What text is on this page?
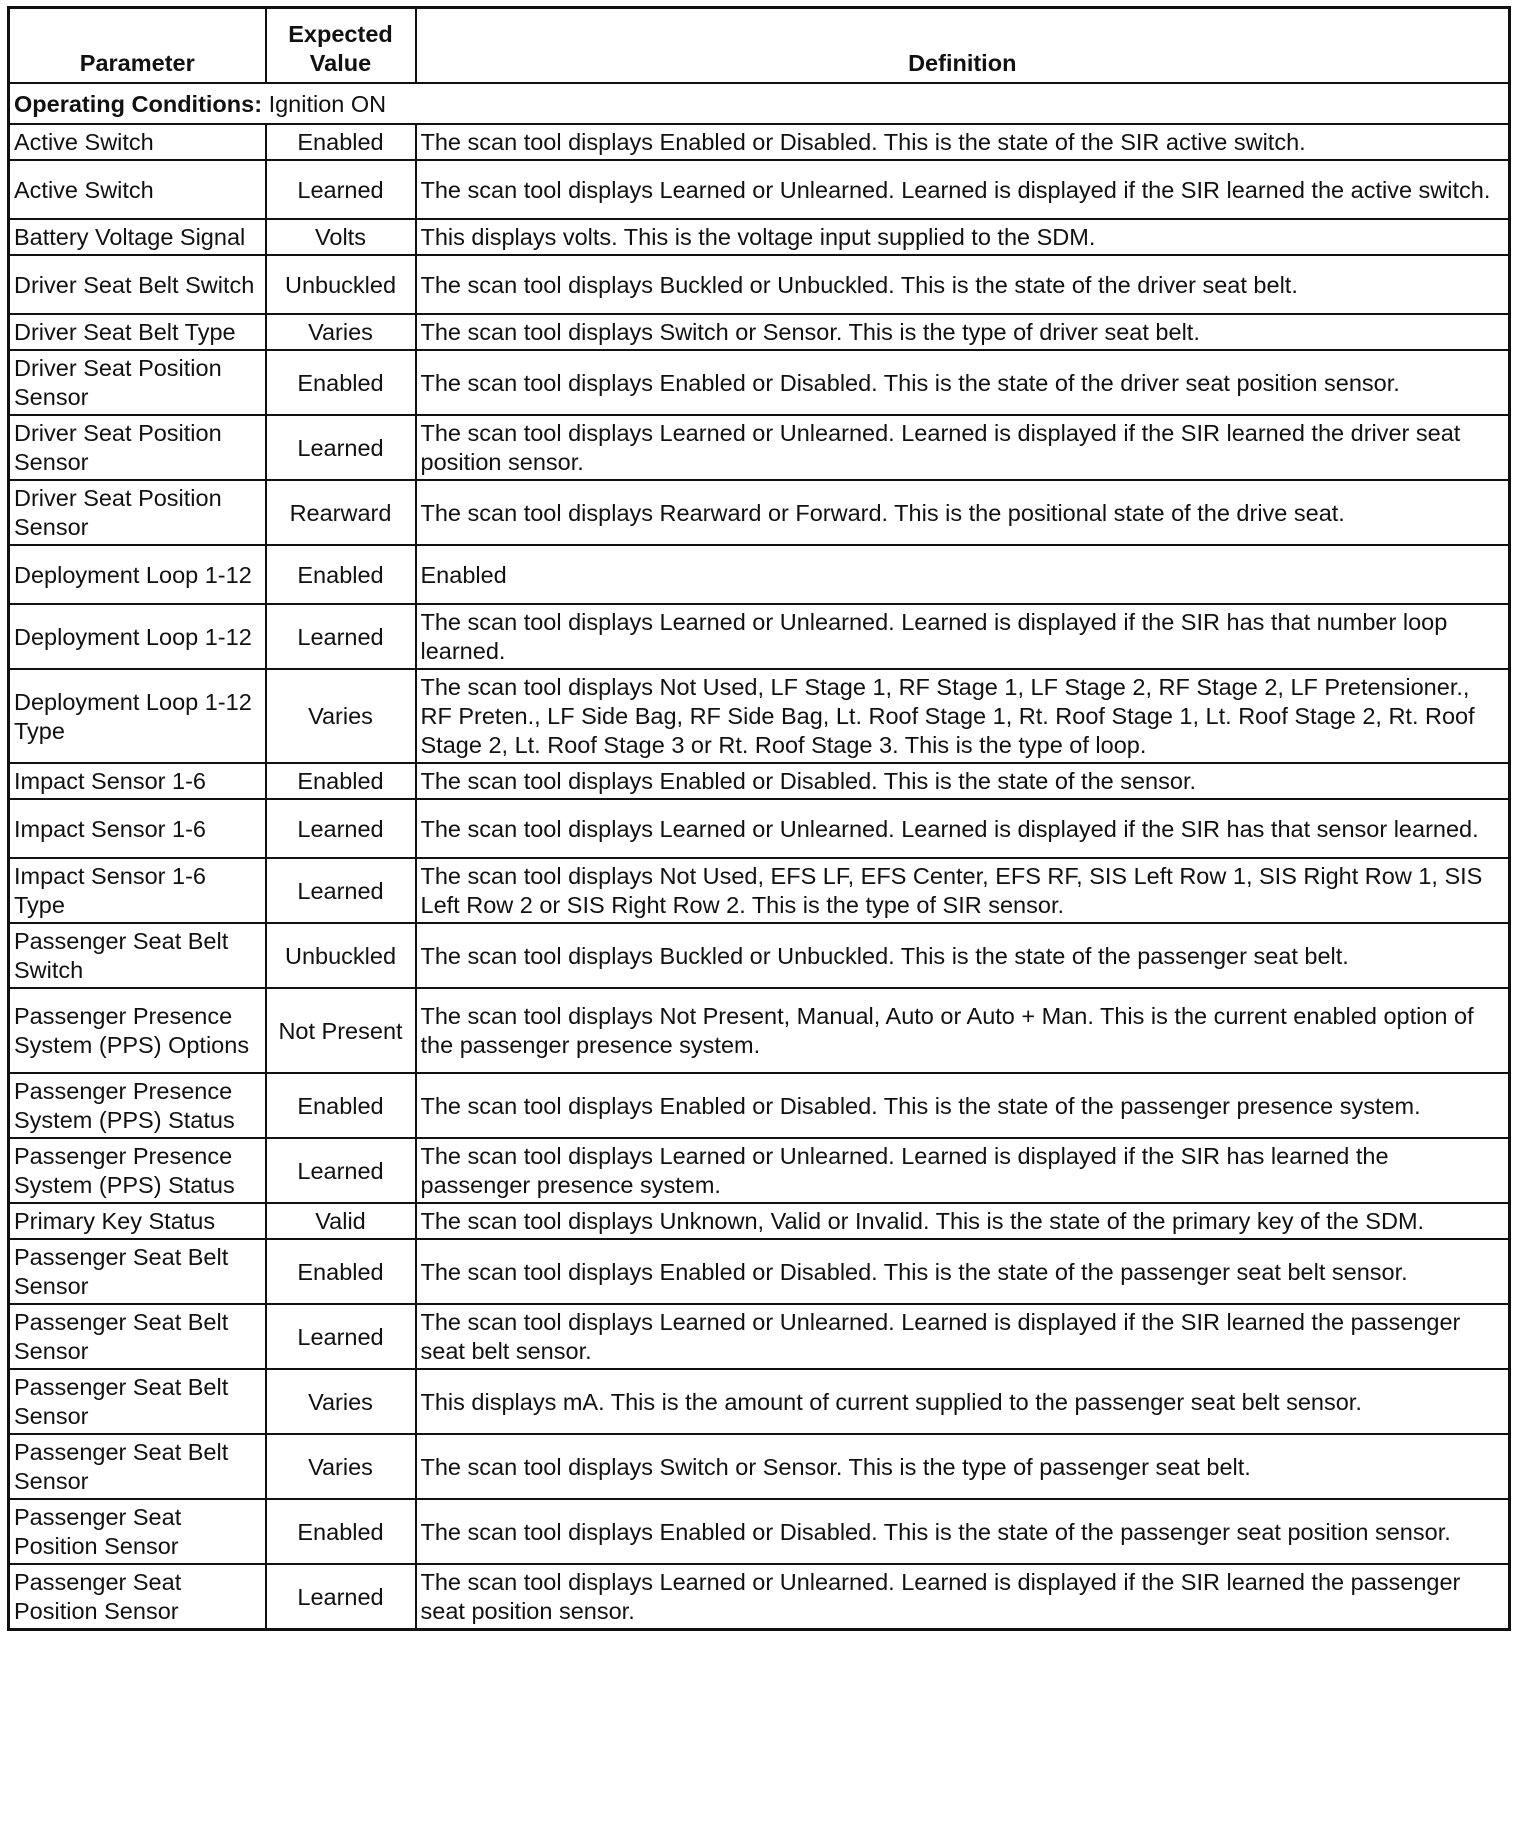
Parameter	Expected Value	Definition
Operating Conditions: Ignition ON		
Active Switch	Enabled	The scan tool displays Enabled or Disabled. This is the state of the SIR active switch.
Active Switch	Learned	The scan tool displays Learned or Unlearned. Learned is displayed if the SIR learned the active switch.
Battery Voltage Signal	Volts	This displays volts. This is the voltage input supplied to the SDM.
Driver Seat Belt Switch	Unbuckled	The scan tool displays Buckled or Unbuckled. This is the state of the driver seat belt.
Driver Seat Belt Type	Varies	The scan tool displays Switch or Sensor. This is the type of driver seat belt.
Driver Seat Position Sensor	Enabled	The scan tool displays Enabled or Disabled. This is the state of the driver seat position sensor.
Driver Seat Position Sensor	Learned	The scan tool displays Learned or Unlearned. Learned is displayed if the SIR learned the driver seat position sensor.
Driver Seat Position Sensor	Rearward	The scan tool displays Rearward or Forward. This is the positional state of the drive seat.
Deployment Loop 1-12	Enabled	Enabled
Deployment Loop 1-12	Learned	The scan tool displays Learned or Unlearned. Learned is displayed if the SIR has that number loop learned.
Deployment Loop 1-12 Type	Varies	The scan tool displays Not Used, LF Stage 1, RF Stage 1, LF Stage 2, RF Stage 2, LF Pretensioner., RF Preten., LF Side Bag, RF Side Bag, Lt. Roof Stage 1, Rt. Roof Stage 1, Lt. Roof Stage 2, Rt. Roof Stage 2, Lt. Roof Stage 3 or Rt. Roof Stage 3. This is the type of loop.
Impact Sensor 1-6	Enabled	The scan tool displays Enabled or Disabled. This is the state of the sensor.
Impact Sensor 1-6	Learned	The scan tool displays Learned or Unlearned. Learned is displayed if the SIR has that sensor learned.
Impact Sensor 1-6 Type	Learned	The scan tool displays Not Used, EFS LF, EFS Center, EFS RF, SIS Left Row 1, SIS Right Row 1, SIS Left Row 2 or SIS Right Row 2. This is the type of SIR sensor.
Passenger Seat Belt Switch	Unbuckled	The scan tool displays Buckled or Unbuckled. This is the state of the passenger seat belt.
Passenger Presence System (PPS) Options	Not Present	The scan tool displays Not Present, Manual, Auto or Auto + Man. This is the current enabled option of the passenger presence system.
Passenger Presence System (PPS) Status	Enabled	The scan tool displays Enabled or Disabled. This is the state of the passenger presence system.
Passenger Presence System (PPS) Status	Learned	The scan tool displays Learned or Unlearned. Learned is displayed if the SIR has learned the passenger presence system.
Primary Key Status	Valid	The scan tool displays Unknown, Valid or Invalid. This is the state of the primary key of the SDM.
Passenger Seat Belt Sensor	Enabled	The scan tool displays Enabled or Disabled. This is the state of the passenger seat belt sensor.
Passenger Seat Belt Sensor	Learned	The scan tool displays Learned or Unlearned. Learned is displayed if the SIR learned the passenger seat belt sensor.
Passenger Seat Belt Sensor	Varies	This displays mA. This is the amount of current supplied to the passenger seat belt sensor.
Passenger Seat Belt Sensor	Varies	The scan tool displays Switch or Sensor. This is the type of passenger seat belt.
Passenger Seat Position Sensor	Enabled	The scan tool displays Enabled or Disabled. This is the state of the passenger seat position sensor.
Passenger Seat Position Sensor	Learned	The scan tool displays Learned or Unlearned. Learned is displayed if the SIR learned the passenger seat position sensor.
